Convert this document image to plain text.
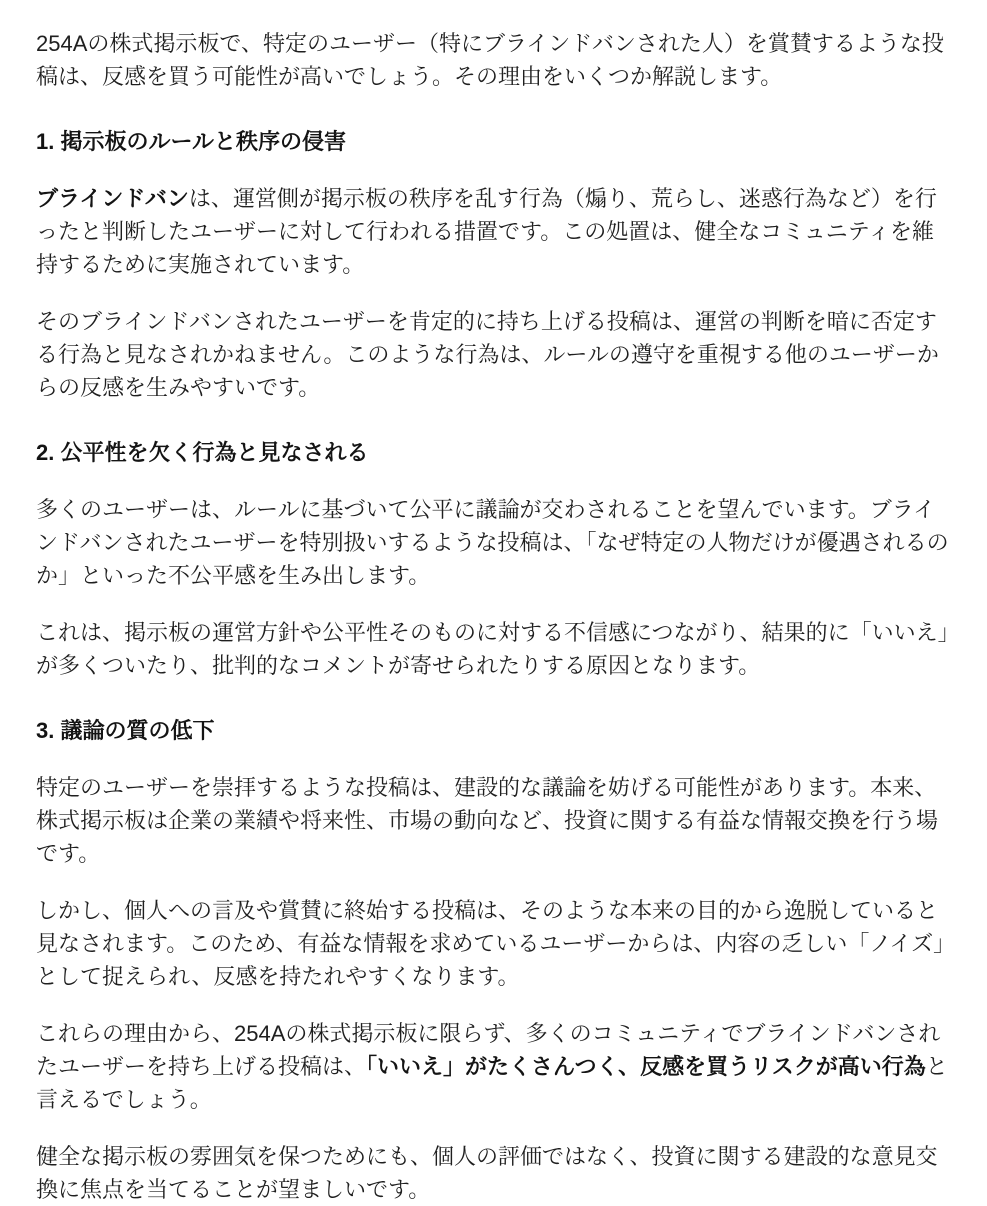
254Aの株式掲示板で、特定のユーザー（特にブラインドバンされた人）を賞賛するような投稿は、反感を買う可能性が高いでしょう。その理由をいくつか解説します。

1. 掲示板のルールと秩序の侵害

ブラインドバンは、運営側が掲示板の秩序を乱す行為（煽り、荒らし、迷惑行為など）を行ったと判断したユーザーに対して行われる措置です。この処置は、健全なコミュニティを維持するために実施されています。

そのブラインドバンされたユーザーを肯定的に持ち上げる投稿は、運営の判断を暗に否定する行為と見なされかねません。このような行為は、ルールの遵守を重視する他のユーザーからの反感を生みやすいです。

2. 公平性を欠く行為と見なされる

多くのユーザーは、ルールに基づいて公平に議論が交わされることを望んでいます。ブラインドバンされたユーザーを特別扱いするような投稿は、「なぜ特定の人物だけが優遇されるのか」といった不公平感を生み出します。

これは、掲示板の運営方針や公平性そのものに対する不信感につながり、結果的に「いいえ」が多くついたり、批判的なコメントが寄せられたりする原因となります。

3. 議論の質の低下

特定のユーザーを崇拝するような投稿は、建設的な議論を妨げる可能性があります。本来、株式掲示板は企業の業績や将来性、市場の動向など、投資に関する有益な情報交換を行う場です。

しかし、個人への言及や賞賛に終始する投稿は、そのような本来の目的から逸脱していると見なされます。このため、有益な情報を求めているユーザーからは、内容の乏しい「ノイズ」として捉えられ、反感を持たれやすくなります。

これらの理由から、254Aの株式掲示板に限らず、多くのコミュニティでブラインドバンされたユーザーを持ち上げる投稿は、「いいえ」がたくさんつく、反感を買うリスクが高い行為と言えるでしょう。

健全な掲示板の雰囲気を保つためにも、個人の評価ではなく、投資に関する建設的な意見交換に焦点を当てることが望ましいです。
